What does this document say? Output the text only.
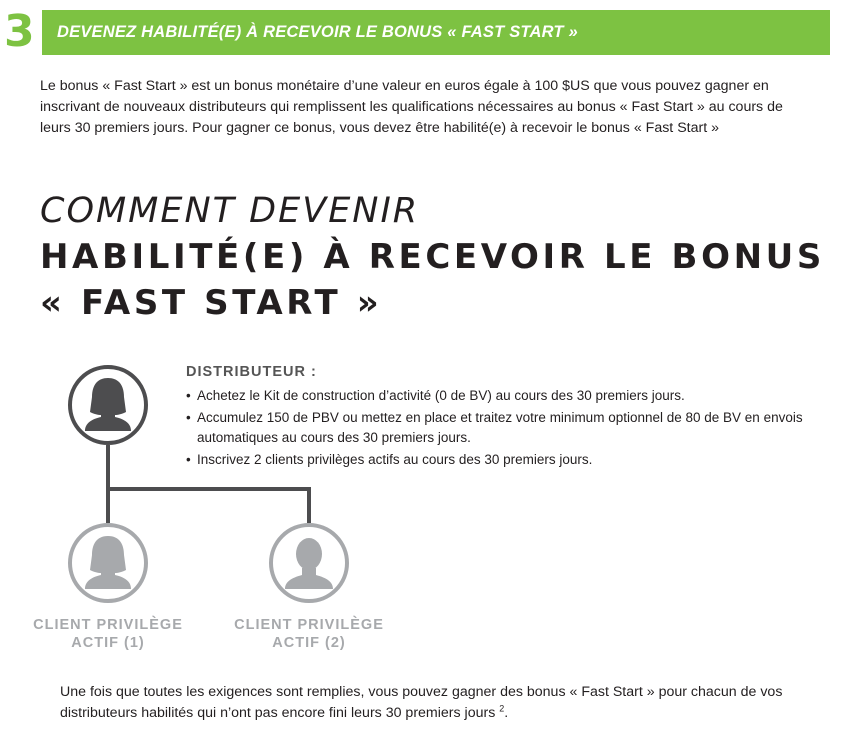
3 DEVENEZ HABILITÉ(E) À RECEVOIR LE BONUS « FAST START »

Le bonus « Fast Start » est un bonus monétaire d’une valeur en euros égale à 100 $US que vous pouvez gagner en inscrivant de nouveaux distributeurs qui remplissent les qualifications nécessaires au bonus « Fast Start » au cours de leurs 30 premiers jours. Pour gagner ce bonus, vous devez être habilité(e) à recevoir le bonus « Fast Start »

COMMENT DEVENIR
HABILITÉ(E) À RECEVOIR LE BONUS
« FAST START »

DISTRIBUTEUR :

• Achetez le Kit de construction d’activité (0 de BV) au cours des 30 premiers jours.
• Accumulez 150 de PBV ou mettez en place et traitez votre minimum optionnel de 80 de BV en envois automatiques au cours des 30 premiers jours.
• Inscrivez 2 clients privilèges actifs au cours des 30 premiers jours.

CLIENT PRIVILÈGE
ACTIF (1)

CLIENT PRIVILÈGE
ACTIF (2)

Une fois que toutes les exigences sont remplies, vous pouvez gagner des bonus « Fast Start » pour chacun de vos distributeurs habilités qui n’ont pas encore fini leurs 30 premiers jours $^2$.
